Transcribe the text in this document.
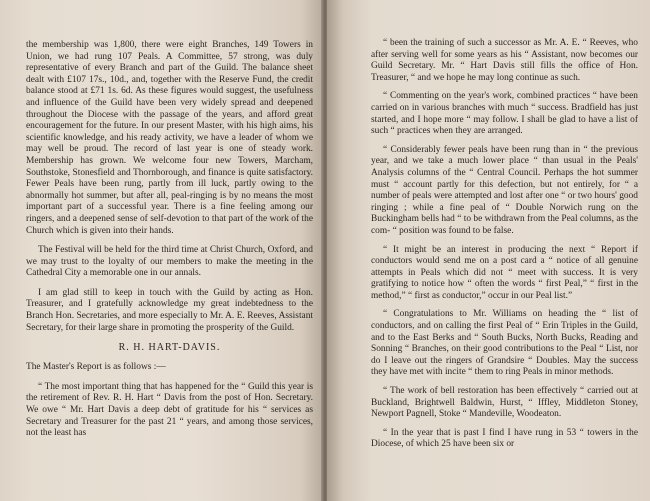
the membership was 1,800, there were eight Branches, 149 Towers in Union, we had rung 107 Peals. A Committee, 57 strong, was duly representative of every Branch and part of the Guild. The balance sheet dealt with £107 17s., 10d., and, together with the Reserve Fund, the credit balance stood at £71 1s. 6d. As these figures would suggest, the usefulness and influence of the Guild have been very widely spread and deepened throughout the Diocese with the passage of the years, and afford great encouragement for the future. In our present Master, with his high aims, his scientific knowledge, and his ready activity, we have a leader of whom we may well be proud. The record of last year is one of steady work. Membership has grown. We welcome four new Towers, Marcham, Southstoke, Stonesfield and Thornborough, and finance is quite satisfactory. Fewer Peals have been rung, partly from ill luck, partly owing to the abnormally hot summer, but after all, peal-ringing is by no means the most important part of a successful year. There is a fine feeling among our ringers, and a deepened sense of self-devotion to that part of the work of the Church which is given into their hands.

The Festival will be held for the third time at Christ Church, Oxford, and we may trust to the loyalty of our members to make the meeting in the Cathedral City a memorable one in our annals.

I am glad still to keep in touch with the Guild by acting as Hon. Treasurer, and I gratefully acknowledge my great indebtedness to the Branch Hon. Secretaries, and more especially to Mr. A. E. Reeves, Assistant Secretary, for their large share in promoting the prosperity of the Guild.

R. H. HART-DAVIS.

The Master's Report is as follows :—

“ The most important thing that has happened for the “ Guild this year is the retirement of Rev. R. H. Hart “ Davis from the post of Hon. Secretary. We owe “ Mr. Hart Davis a deep debt of gratitude for his “ services as Secretary and Treasurer for the past 21 “ years, and among those services, not the least has

“ been the training of such a successor as Mr. A. E. “ Reeves, who after serving well for some years as his “ Assistant, now becomes our Guild Secretary. Mr. “ Hart Davis still fills the office of Hon. Treasurer, “ and we hope he may long continue as such.

“ Commenting on the year's work, combined practices “ have been carried on in various branches with much “ success. Bradfield has just started, and I hope more “ may follow. I shall be glad to have a list of such “ practices when they are arranged.

“ Considerably fewer peals have been rung than in “ the previous year, and we take a much lower place “ than usual in the Peals' Analysis columns of the “ Central Council. Perhaps the hot summer must “ account partly for this defection, but not entirely, for “ a number of peals were attempted and lost after one “ or two hours' good ringing ; while a fine peal of “ Double Norwich rung on the Buckingham bells had “ to be withdrawn from the Peal columns, as the com- “ position was found to be false.

“ It might be an interest in producing the next “ Report if conductors would send me on a post card a “ notice of all genuine attempts in Peals which did not “ meet with success. It is very gratifying to notice how “ often the words “ first Peal,” “ first in the method,” “ first as conductor,” occur in our Peal list.”

“ Congratulations to Mr. Williams on heading the “ list of conductors, and on calling the first Peal of “ Erin Triples in the Guild, and to the East Berks and “ South Bucks, North Bucks, Reading and Sonning “ Branches, on their good contributions to the Peal “ List, nor do I leave out the ringers of Grandsire “ Doubles. May the success they have met with incite “ them to ring Peals in minor methods.

“ The work of bell restoration has been effectively “ carried out at Buckland, Brightwell Baldwin, Hurst, “ Iffley, Middleton Stoney, Newport Pagnell, Stoke “ Mandeville, Woodeaton.

“ In the year that is past I find I have rung in 53 “ towers in the Diocese, of which 25 have been six or
